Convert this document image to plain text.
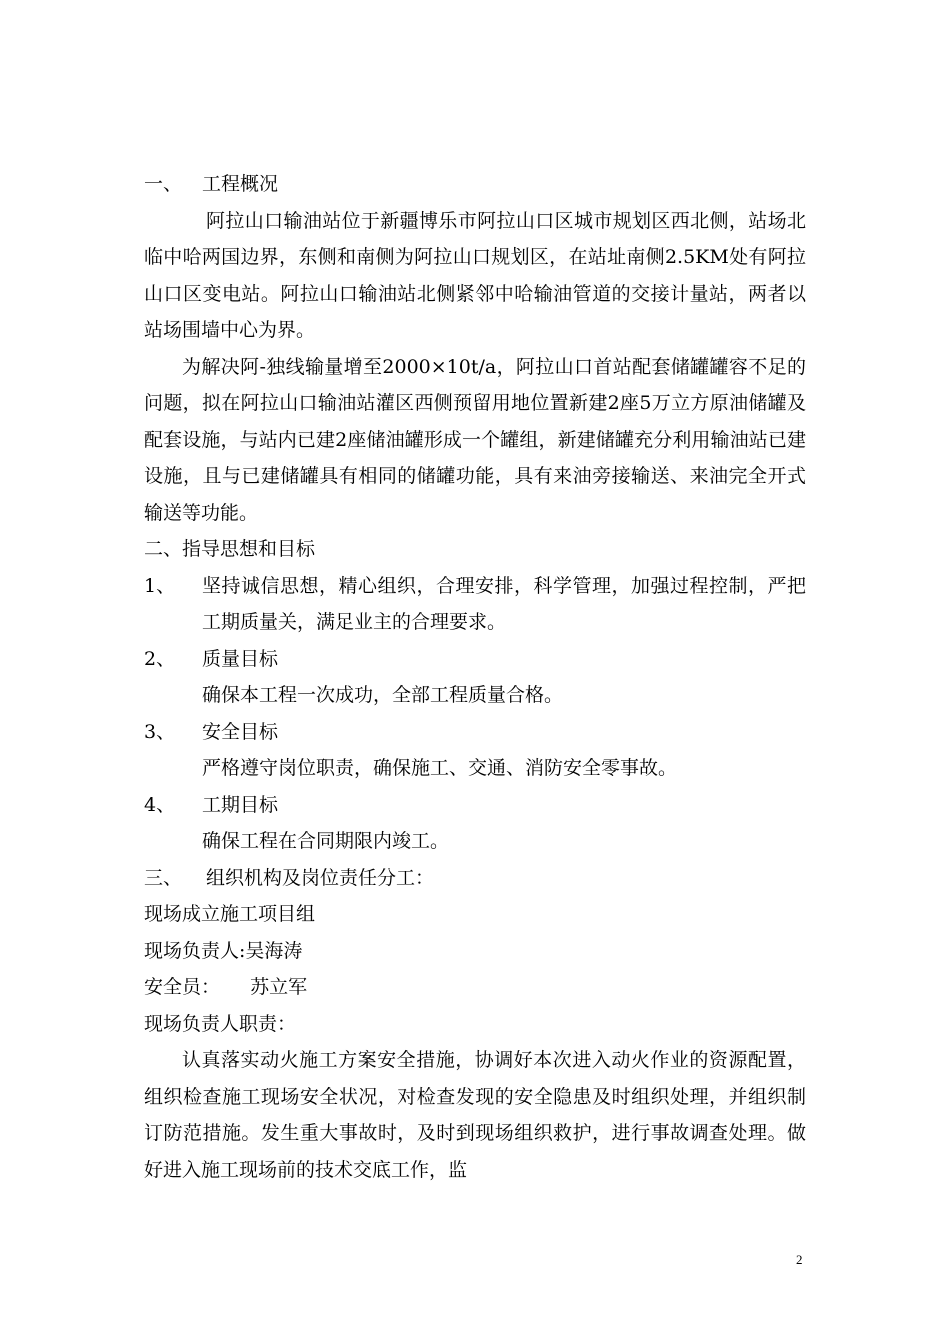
一、	工程概况
阿拉山口输油站位于新疆博乐市阿拉山口区城市规划区西北侧，站场北临中哈两国边界，东侧和南侧为阿拉山口规划区，在站址南侧2.5KM处有阿拉山口区变电站。阿拉山口输油站北侧紧邻中哈输油管道的交接计量站，两者以站场围墙中心为界。
为解决阿-独线输量增至2000×10t/a，阿拉山口首站配套储罐罐容不足的问题，拟在阿拉山口输油站灌区西侧预留用地位置新建2座5万立方原油储罐及配套设施，与站内已建2座储油罐形成一个罐组，新建储罐充分利用输油站已建设施，且与已建储罐具有相同的储罐功能，具有来油旁接输送、来油完全开式输送等功能。
二、指导思想和目标
1、	坚持诚信思想，精心组织，合理安排，科学管理，加强过程控制，严把工期质量关，满足业主的合理要求。
2、	质量目标
确保本工程一次成功，全部工程质量合格。
3、	安全目标
严格遵守岗位职责，确保施工、交通、消防安全零事故。
4、	工期目标
确保工程在合同期限内竣工。
三、	组织机构及岗位责任分工：
现场成立施工项目组
现场负责人:吴海涛
安全员： 苏立军
现场负责人职责：
认真落实动火施工方案安全措施，协调好本次进入动火作业的资源配置，组织检查施工现场安全状况，对检查发现的安全隐患及时组织处理，并组织制订防范措施。发生重大事故时，及时到现场组织救护，进行事故调查处理。做好进入施工现场前的技术交底工作，监
2
